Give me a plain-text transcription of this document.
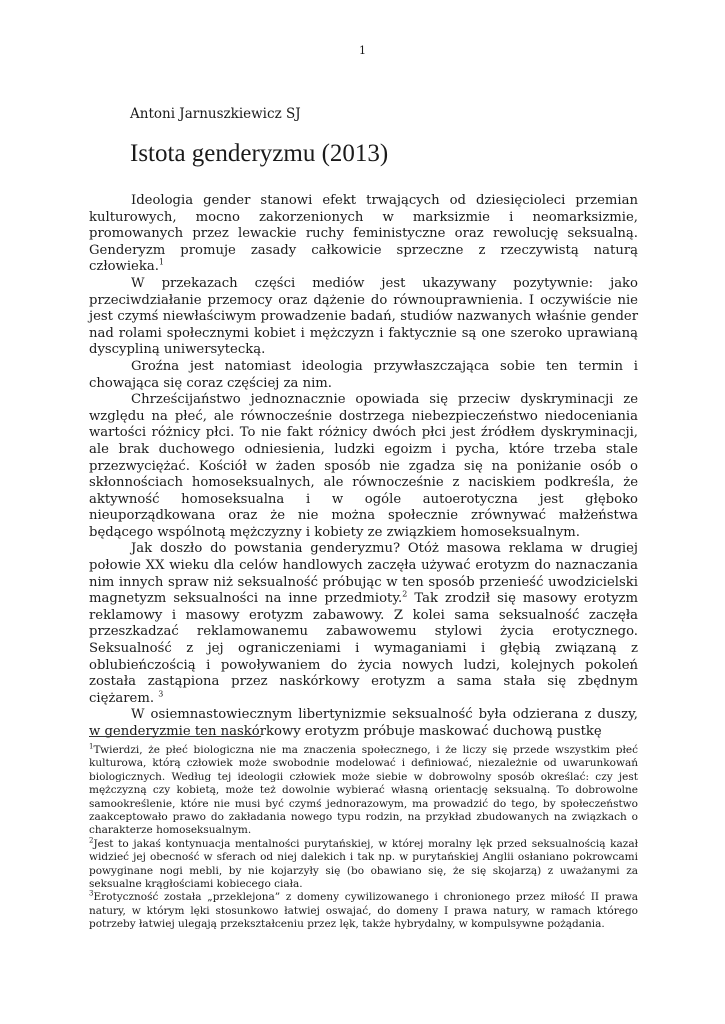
1
Antoni Jarnuszkiewicz SJ
Istota genderyzmu (2013)

Ideologia gender stanowi efekt trwających od dziesięcioleci przemian kulturowych, mocno zakorzenionych w marksizmie i neomarksizmie, promowanych przez lewackie ruchy feministyczne oraz rewolucję seksualną. Genderyzm promuje zasady całkowicie sprzeczne z rzeczywistą naturą człowieka.$^1$

W przekazach części mediów jest ukazywany pozytywnie: jako przeciwdziałanie przemocy oraz dążenie do równouprawnienia. I oczywiście nie jest czymś niewłaściwym prowadzenie badań, studiów nazwanych właśnie gender nad rolami społecznymi kobiet i mężczyzn i faktycznie są one szeroko uprawianą dyscypliną uniwersytecką.

Groźna jest natomiast ideologia przywłaszczająca sobie ten termin i chowająca się coraz częściej za nim.

Chrześcijaństwo jednoznacznie opowiada się przeciw dyskryminacji ze względu na płeć, ale równocześnie dostrzega niebezpieczeństwo niedoceniania wartości różnicy płci. To nie fakt różnicy dwóch płci jest źródłem dyskryminacji, ale brak duchowego odniesienia, ludzki egoizm i pycha, które trzeba stale przezwyciężać. Kościół w żaden sposób nie zgadza się na poniżanie osób o skłonnościach homoseksualnych, ale równocześnie z naciskiem podkreśla, że aktywność homoseksualna i w ogóle autoerotyczna jest głęboko nieuporządkowana oraz że nie można społecznie zrównywać małżeństwa będącego wspólnotą mężczyzny i kobiety ze związkiem homoseksualnym.

Jak doszło do powstania genderyzmu? Otóż masowa reklama w drugiej połowie XX wieku dla celów handlowych zaczęła używać erotyzm do naznaczania nim innych spraw niż seksualność próbując w ten sposób przenieść uwodzicielski magnetyzm seksualności na inne przedmioty.$^2$ Tak zrodził się masowy erotyzm reklamowy i masowy erotyzm zabawowy. Z kolei sama seksualność zaczęła przeszkadzać reklamowanemu zabawowemu stylowi życia erotycznego. Seksualność z jej ograniczeniami i wymaganiami i głębią związaną z oblubieńczością i powoływaniem do życia nowych ludzi, kolejnych pokoleń została zastąpiona przez naskórkowy erotyzm a sama stała się zbędnym ciężarem. $^3$

W osiemnastowiecznym libertynizmie seksualność była odzierana z duszy, w genderyzmie ten naskórkowy erotyzm próbuje maskować duchową pustkę

$^1$Twierdzi, że płeć biologiczna nie ma znaczenia społecznego, i że liczy się przede wszystkim płeć kulturowa, którą człowiek może swobodnie modelować i definiować, niezależnie od uwarunkowań biologicznych. Według tej ideologii człowiek może siebie w dobrowolny sposób określać: czy jest mężczyzną czy kobietą, może też dowolnie wybierać własną orientację seksualną. To dobrowolne samookreślenie, które nie musi być czymś jednorazowym, ma prowadzić do tego, by społeczeństwo zaakceptowało prawo do zakładania nowego typu rodzin, na przykład zbudowanych na związkach o charakterze homoseksualnym.

$^2$Jest to jakaś kontynuacja mentalności purytańskiej, w której moralny lęk przed seksualnością kazał widzieć jej obecność w sferach od niej dalekich i tak np. w purytańskiej Anglii osłaniano pokrowcami powyginane nogi mebli, by nie kojarzyły się (bo obawiano się, że się skojarzą) z uważanymi za seksualne krągłościami kobiecego ciała.

$^3$Erotyczność została „przeklejona” z domeny cywilizowanego i chronionego przez miłość II prawa natury, w którym lęki stosunkowo łatwiej oswajać, do domeny I prawa natury, w ramach którego potrzeby łatwiej ulegają przekształceniu przez lęk, także hybrydalny, w kompulsywne pożądania.
